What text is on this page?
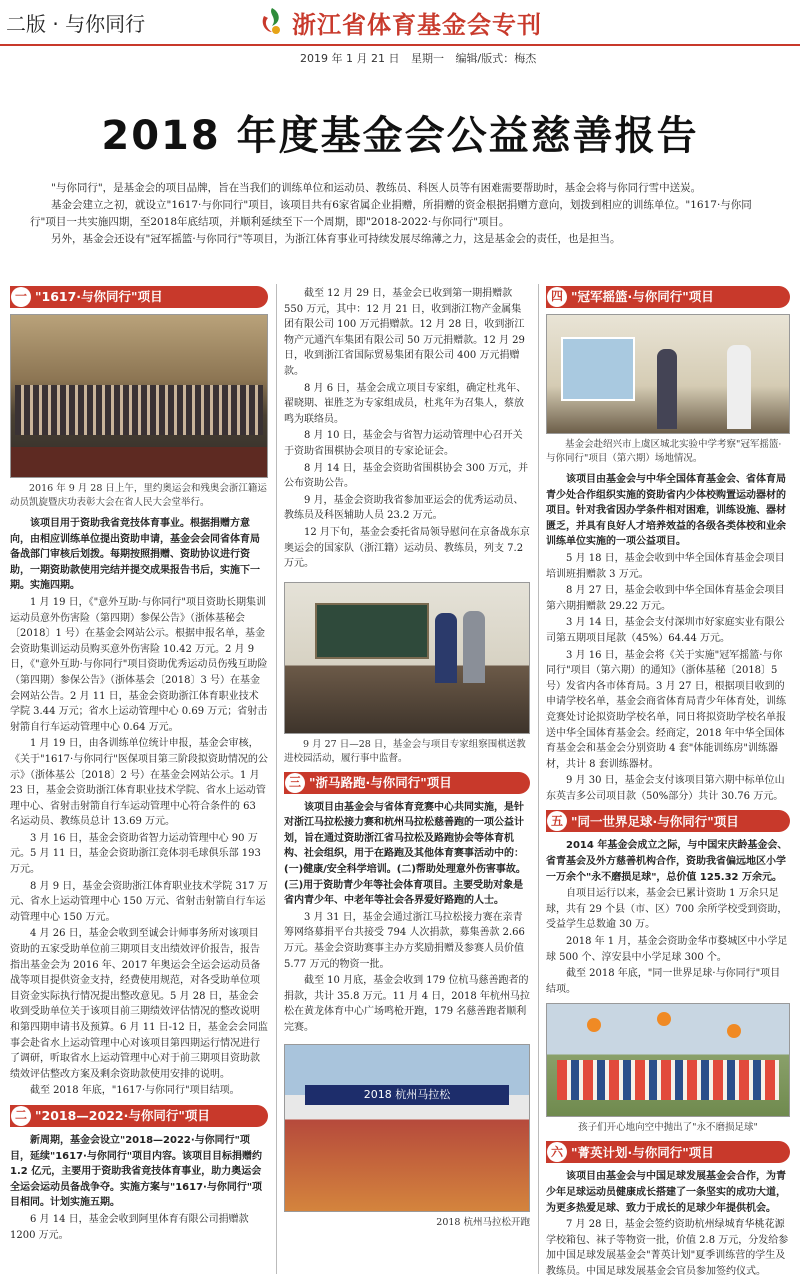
二版 · 与你同行	浙江省体育基金会专刊
2019 年 1 月 21 日 星期一 编辑/版式：梅杰
2018 年度基金会公益慈善报告

"与你同行"，是基金会的项目品牌，旨在当我们的训练单位和运动员、教练员、科医人员等有困难需要帮助时，基金会将与你同行雪中送炭。

基金会建立之初，就设立"1617·与你同行"项目，该项目共有6家省属企业捐赠，所捐赠的资金根据捐赠方意向，划拨到相应的训练单位。"1617·与你同行"项目一共实施四期，至2018年底结项，并顺利延续至下一个周期，即"2018-2022·与你同行"项目。

另外，基金会还设有"冠军摇篮·与你同行"等项目，为浙江体育事业可持续发展尽绵薄之力，这是基金会的责任，也是担当。

一 "1617·与你同行"项目
2016 年 9 月 28 日上午，里约奥运会和残奥会浙江籍运动员凯旋暨庆功表彰大会在省人民大会堂举行。

该项目用于资助我省竞技体育事业。根据捐赠方意向，由相应训练单位提出资助申请，基金会会同省体育局备战部门审核后划拨。每期按照捐赠、资助协议进行资助，一期资助款使用完结并提交成果报告书后，实施下一期。实施四期。

1 月 19 日，《"意外互助·与你同行"项目资助长期集训运动员意外伤害险（第四期）参保公告》（浙体基秘会〔2018〕1 号）在基金会网站公示。根据申报名单，基金会资助集训运动员购买意外伤害险 10.42 万元。2 月 9 日，《"意外互助·与你同行"项目资助优秀运动员伤残互助险（第四期）参保公告》（浙体基会〔2018〕3 号）在基金会网站公告。2 月 11 日，基金会资助浙江体育职业技术学院 3.44 万元；省水上运动管理中心 0.69 万元；省射击射箭自行车运动管理中心 0.64 万元。

1 月 19 日，由各训练单位统计申报，基金会审核，《关于"1617·与你同行"医保项目第三阶段拟资助情况的公示》（浙体基公〔2018〕2 号）在基金会网站公示。1 月 23 日，基金会资助浙江体育职业技术学院、省水上运动管理中心、省射击射箭自行车运动管理中心符合条件的 63 名运动员、教练员总计 13.69 万元。

3 月 16 日，基金会资助省智力运动管理中心 90 万元。5 月 11 日，基金会资助浙江竞体羽毛球俱乐部 193 万元。

8 月 9 日，基金会资助浙江体育职业技术学院 317 万元、省水上运动管理中心 150 万元、省射击射箭自行车运动管理中心 150 万元。

4 月 26 日，基金会收到至诚会计师事务所对该项目资助的五家受助单位前三期项目支出绩效评价报告，报告指出基金会为 2016 年、2017 年奥运会全运会运动员备战等项目提供资金支持，经费使用规范，对各受助单位项目资金实际执行情况提出整改意见。5 月 28 日，基金会收到受助单位关于该项目前三期绩效评估情况的整改说明和第四期申请书及预算。6 月 11 日-12 日，基金会会同监事会赴省水上运动管理中心对该项目第四期运行情况进行了调研，听取省水上运动管理中心对于前三期项目资助款绩效评估整改方案及剩余资助款使用安排的说明。

截至 2018 年底，"1617·与你同行"项目结项。

二 "2018—2022·与你同行"项目

新周期，基金会设立"2018—2022·与你同行"项目，延续"1617·与你同行"项目内容。该项目目标捐赠约 1.2 亿元，主要用于资助我省竞技体育事业，助力奥运会全运会运动员备战争夺。实施方案与"1617·与你同行"项目相同。计划实施五期。

6 月 14 日，基金会收到阿里体育有限公司捐赠款 1200 万元。

截至 12 月 29 日，基金会已收到第一期捐赠款 550 万元，其中：12 月 21 日，收到浙江物产金属集团有限公司 100 万元捐赠款。12 月 28 日，收到浙江物产元通汽车集团有限公司 50 万元捐赠款。12 月 29 日，收到浙江省国际贸易集团有限公司 400 万元捐赠款。

8 月 6 日，基金会成立项目专家组，确定杜兆年、翟晓期、崔胜芝为专家组成员，杜兆年为召集人，蔡放鸣为联络员。

8 月 10 日，基金会与省智力运动管理中心召开关于资助省围棋协会项目的专家论证会。

8 月 14 日，基金会资助省围棋协会 300 万元，并公布资助公告。

9 月，基金会资助我省参加亚运会的优秀运动员、教练员及科医辅助人员 23.2 万元。

12 月下旬，基金会委托省局领导慰问在京备战东京奥运会的国家队（浙江籍）运动员、教练员，列支 7.2 万元。

9 月 27 日—28 日，基金会与项目专家组察围棋送教进校园活动，履行事中监督。
三 "浙马路跑·与你同行"项目

该项目由基金会与省体育竞赛中心共同实施，是针对浙江马拉松接力赛和杭州马拉松慈善跑的一项公益计划，旨在通过资助浙江省马拉松及路跑协会等体育机构、社会组织，用于在路跑及其他体育赛事活动中的：(一)健康/安全科学培训。(二)帮助处理意外伤害事故。(三)用于资助青少年等社会体育项目。主要受助对象是省内青少年、中老年等社会各界爱好路跑的人士。

3 月 31 日，基金会通过浙江马拉松接力赛在亲青筹网络募捐平台共接受 794 人次捐款，募集善款 2.66 万元。基金会资助赛事主办方奖励捐赠及参赛人员价值 5.77 万元的物资一批。

截至 10 月底，基金会收到 179 位杭马慈善跑者的捐款，共计 35.8 万元。11 月 4 日，2018 年杭州马拉松在黄龙体育中心广场鸣枪开跑，179 名慈善跑者顺利完赛。

2018 杭州马拉松
2018 杭州马拉松开跑
四 "冠军摇篮·与你同行"项目
基金会赴绍兴市上虞区城北实验中学考察"冠军摇篮·与你同行"项目（第六期）场地情况。

该项目由基金会与中华全国体育基金会、省体育局青少处合作组织实施的资助省内少体校购置运动器材的项目。针对我省因办学条件相对困难，训练设施、器材匮乏，并具有良好人才培养效益的各级各类体校和业余训练单位实施的一项公益项目。

5 月 18 日，基金会收到中华全国体育基金会项目培训班捐赠款 3 万元。

8 月 27 日，基金会收到中华全国体育基金会项目第六期捐赠款 29.22 万元。

3 月 14 日，基金会支付深圳市好家庭实业有限公司第五期项目尾款（45%）64.44 万元。

3 月 16 日，基金会将《关于实施"冠军摇篮·与你同行"项目（第六期）的通知》（浙体基秘〔2018〕5 号）发省内各市体育局。3 月 27 日，根据项目收到的申请学校名单，基金会商省体育局青少年体育处，训练竞赛处讨论拟资助学校名单，同日将拟资助学校名单报送中华全国体育基金会。经商定，2018 年中华全国体育基金会和基金会分别资助 4 套"体能训练房"训练器材，共计 8 套训练器材。

9 月 30 日，基金会支付该项目第六期中标单位山东英吉多公司项目款（50%部分）共计 30.76 万元。

五 "同一世界足球·与你同行"项目

2014 年基金会成立之际，与中国宋庆龄基金会、省青基会及外方慈善机构合作，资助我省偏远地区小学一万余个"永不磨损足球"，总价值 125.32 万余元。

自项目运行以来，基金会已累计资助 1 万余只足球，共有 29 个县（市、区）700 余所学校受到资助，受益学生总数逾 30 万。

2018 年 1 月，基金会资助金华市婺城区中小学足球 500 个、淳安县中小学足球 300 个。

截至 2018 年底，"同一世界足球·与你同行"项目结项。

孩子们开心地向空中抛出了"永不磨损足球"
六 "菁英计划·与你同行"项目

该项目由基金会与中国足球发展基金会合作，为青少年足球运动员健康成长搭建了一条坚实的成功大道，为更多热爱足球、致力于成长的足球少年提供机会。

7 月 28 日，基金会签约资助杭州绿城育华桃花源学校箱包、袜子等物资一批，价值 2.8 万元，分发给参加中国足球发展基金会"菁英计划"夏季训练营的学生及教练员。中国足球发展基金会官员参加签约仪式。
